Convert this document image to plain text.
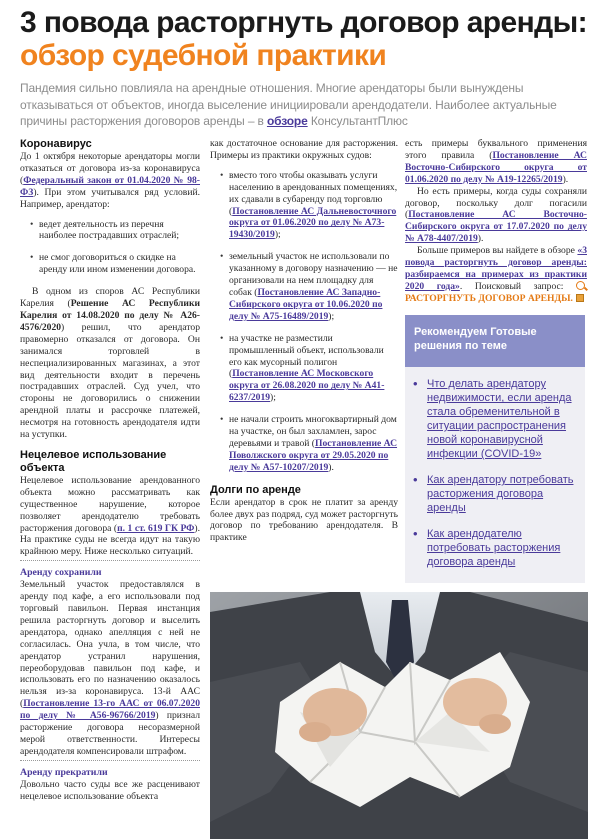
3 повода расторгнуть договор аренды: обзор судебной практики
Пандемия сильно повлияла на арендные отношения. Многие арендаторы были вынуждены отказываться от объектов, иногда выселение инициировали арендодатели. Наиболее актуальные причины расторжения договоров аренды – в обзоре КонсультантПлюс
Коронавирус

До 1 октября некоторые арендаторы могли отказаться от договора из-за коронавируса (Федеральный закон от 01.04.2020 № 98-ФЗ). При этом учитывался ряд условий. Например, арендатор:

• ведет деятельность из перечня наиболее пострадавших отраслей;
• не смог договориться о скидке на аренду или ином изменении договора.

В одном из споров АС Республики Карелия (Решение АС Республики Карелия от 14.08.2020 по делу № А26-4576/2020) решил, что арендатор правомерно отказался от договора. Он занимался торговлей в неспециализированных магазинах, а этот вид деятельности входит в перечень пострадавших отраслей. Суд учел, что стороны не договорились о снижении арендной платы и рассрочке платежей, несмотря на готовность арендодателя идти на уступки.

Нецелевое использование объекта

Нецелевое использование арендованного объекта можно рассматривать как существенное нарушение, которое позволяет арендодателю требовать расторжения договора (п. 1 ст. 619 ГК РФ). На практике суды не всегда идут на такую крайнюю меру. Ниже несколько ситуаций.

Аренду сохранили

Земельный участок предоставлялся в аренду под кафе, а его использовали под торговый павильон. Первая инстанция решила расторгнуть договор и выселить арендатора, однако апелляция с ней не согласилась. Она учла, в том числе, что арендатор устранил нарушения, переоборудовав павильон под кафе, и использовать его по назначению оказалось нельзя из-за коронавируса. 13-й ААС (Постановление 13-го ААС от 06.07.2020 по делу № А56-96766/2019) признал расторжение договора несоразмерной мерой ответственности. Интересы арендодателя компенсировали штрафом.

Аренду прекратили

Довольно часто суды все же расценивают нецелевое использование объекта

как достаточное основание для расторжения. Примеры из практики окружных судов:

• вместо того чтобы оказывать услуги населению в арендованных помещениях, их сдавали в субаренду под торговлю (Постановление АС Дальневосточного округа от 01.06.2020 по делу № А73-19430/2019);
• земельный участок не использовали по указанному в договору назначению — не организовали на нем площадку для собак (Постановление АС Западно-Сибирского округа от 10.06.2020 по делу № А75-16489/2019);
• на участке не разместили промышленный объект, использовали его как мусорный полигон (Постановление АС Московского округа от 26.08.2020 по делу № А41-6237/2019);
• не начали строить многоквартирный дом на участке, он был захламлен, зарос деревьями и травой (Постановление АС Поволжского округа от 29.05.2020 по делу № А57-10207/2019).
Долги по аренде

Если арендатор в срок не платит за аренду более двух раз подряд, суд может расторгнуть договор по требованию арендодателя. В практике

есть примеры буквального применения этого правила (Постановление АС Восточно-Сибирского округа от 01.06.2020 по делу № А19-12265/2019).

Но есть примеры, когда суды сохраняли договор, поскольку долг погасили (Постановление АС Восточно-Сибирского округа от 17.07.2020 по делу № А78-4407/2019).

Больше примеров вы найдете в обзоре «3 повода расторгнуть договор аренды: разбираемся на примерах из практики 2020 года». Поисковый запрос: РАСТОРГНУТЬ ДОГОВОР АРЕНДЫ.

Рекомендуем Готовые решения по теме
• Что делать арендатору недвижимости, если аренда стала обременительной в ситуации распространения новой коронавирусной инфекции (COVID-19»
• Как арендатору потребовать расторжения договора аренды
• Как арендодателю потребовать расторжения договора аренды
